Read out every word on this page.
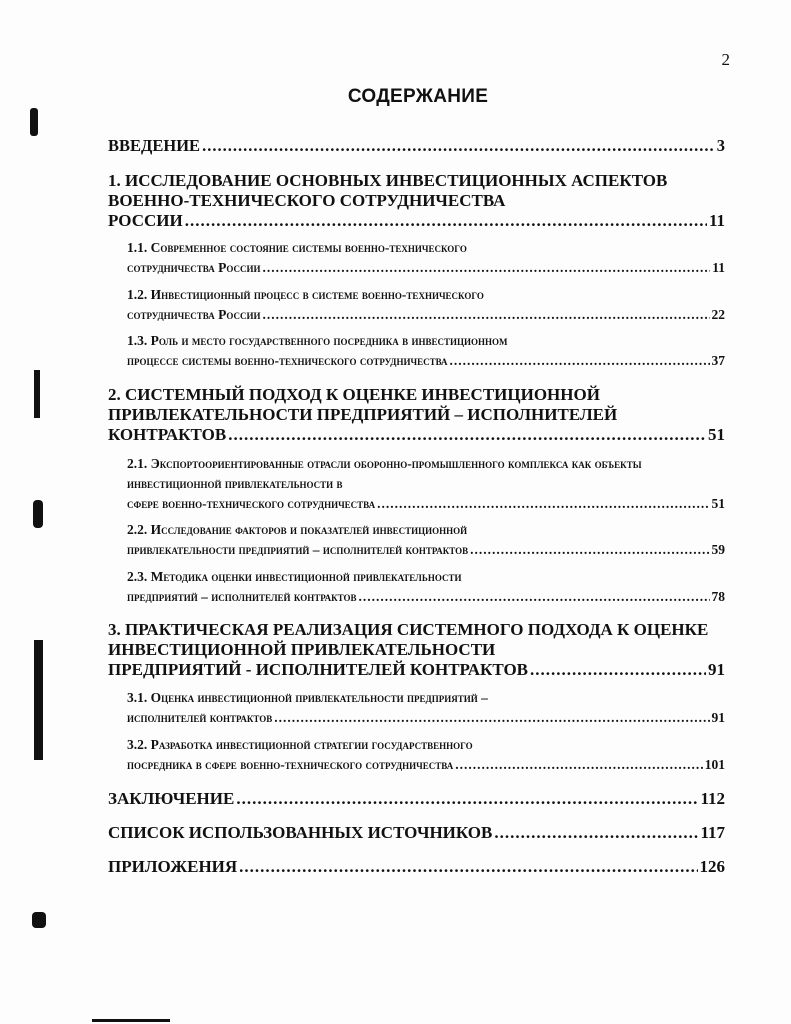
2
СОДЕРЖАНИЕ
ВВЕДЕНИЕ .....	3
1. ИССЛЕДОВАНИЕ ОСНОВНЫХ ИНВЕСТИЦИОННЫХ АСПЕКТОВ ВОЕННО-ТЕХНИЧЕСКОГО СОТРУДНИЧЕСТВА
РОССИИ .....	11
1.1. Современное состояние системы военно-технического
сотрудничества России .....	11
1.2. Инвестиционный процесс в системе военно-технического
сотрудничества России .....	22
1.3. Роль и место государственного посредника в инвестиционном
процессе системы военно-технического сотрудничества .....	37
2. СИСТЕМНЫЙ ПОДХОД К ОЦЕНКЕ ИНВЕСТИЦИОННОЙ ПРИВЛЕКАТЕЛЬНОСТИ ПРЕДПРИЯТИЙ – ИСПОЛНИТЕЛЕЙ
КОНТРАКТОВ .....	51
2.1. Экспортоориентированные отрасли оборонно-промышленного комплекса как объекты инвестиционной привлекательности в
сфере военно-технического сотрудничества .....	51
2.2. Исследование факторов и показателей инвестиционной
привлекательности предприятий – исполнителей контрактов .....	59
2.3. Методика оценки инвестиционной привлекательности
предприятий – исполнителей контрактов .....	78
3. ПРАКТИЧЕСКАЯ РЕАЛИЗАЦИЯ СИСТЕМНОГО ПОДХОДА К ОЦЕНКЕ ИНВЕСТИЦИОННОЙ ПРИВЛЕКАТЕЛЬНОСТИ
ПРЕДПРИЯТИЙ - ИСПОЛНИТЕЛЕЙ КОНТРАКТОВ .....	91
3.1. Оценка инвестиционной привлекательности предприятий –
исполнителей контрактов .....	91
3.2. Разработка инвестиционной стратегии государственного
посредника в сфере военно-технического сотрудничества .....	101
ЗАКЛЮЧЕНИЕ .....	112
СПИСОК ИСПОЛЬЗОВАННЫХ ИСТОЧНИКОВ .....	117
ПРИЛОЖЕНИЯ .....	126
